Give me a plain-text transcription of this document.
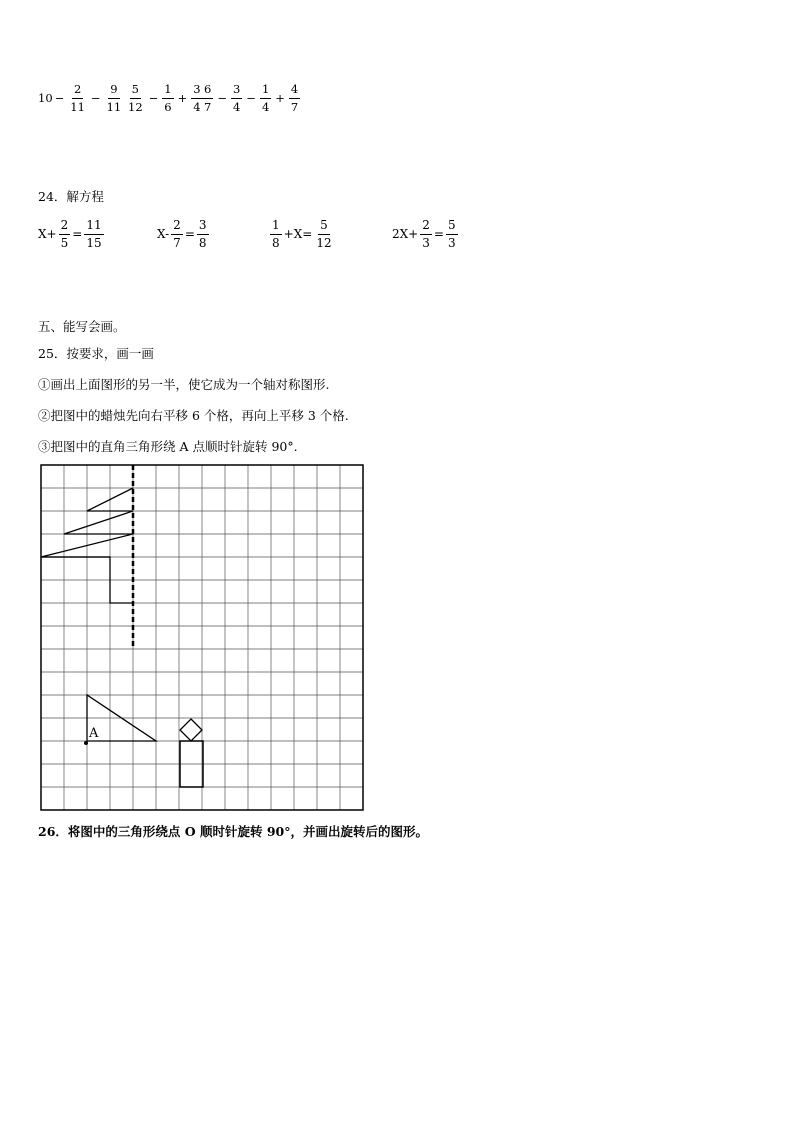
$10 - \frac{2}{11} - \frac{9}{11} \frac{5}{12} - \frac{1}{6} + \frac{3}{4} \frac{6}{7} - \frac{3}{4} - \frac{1}{4} + \frac{4}{7}$
24．解方程
$X+ \frac{2}{5} = \frac{11}{15}$	$X- \frac{2}{7} = \frac{3}{8}$	$\frac{1}{8} +X = \frac{5}{12}$	$2X+ \frac{2}{3} = \frac{5}{3}$
五、能写会画。
25．按要求，画一画
①画出上面图形的另一半，使它成为一个轴对称图形.
②把图中的蜡烛先向右平移 6 个格，再向上平移 3 个格.
③把图中的直角三角形绕 A 点顺时针旋转 90°.
A
26．将图中的三角形绕点 O 顺时针旋转 90°，并画出旋转后的图形。
